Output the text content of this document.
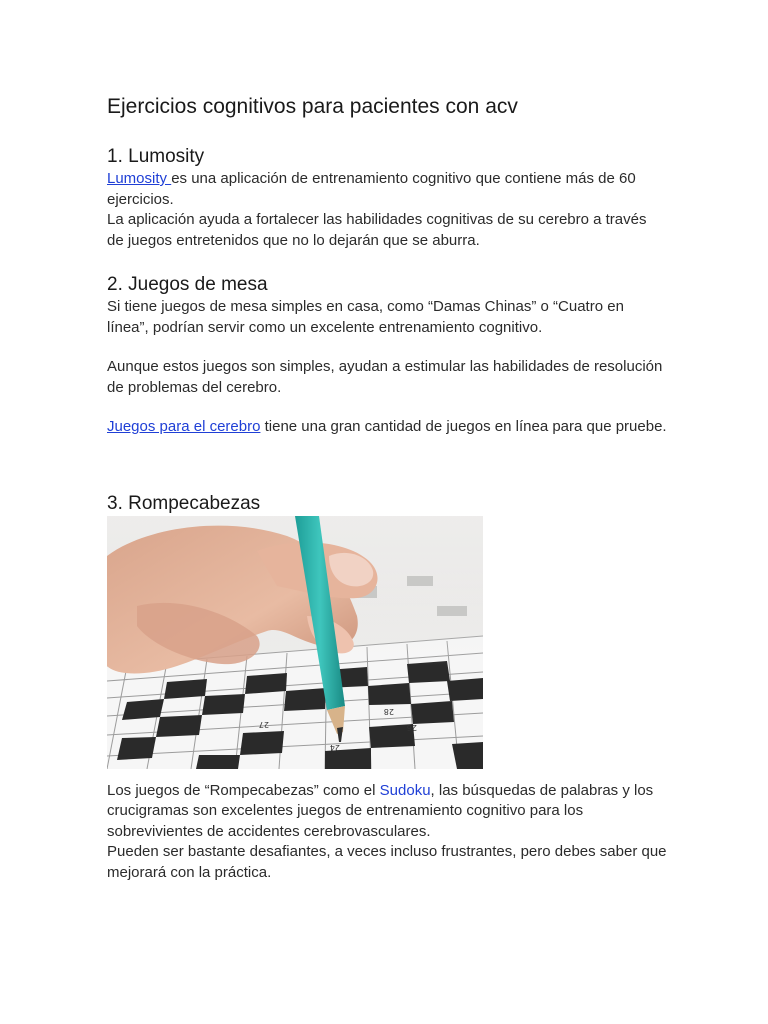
Ejercicios cognitivos para pacientes con acv
1. Lumosity

Lumosity es una aplicación de entrenamiento cognitivo que contiene más de 60 ejercicios.

La aplicación ayuda a fortalecer las habilidades cognitivas de su cerebro a través de juegos entretenidos que no lo dejarán que se aburra.

2. Juegos de mesa

Si tiene juegos de mesa simples en casa, como “Damas Chinas” o “Cuatro en línea”, podrían servir como un excelente entrenamiento cognitivo.

Aunque estos juegos son simples, ayudan a estimular las habilidades de resolución de problemas del cerebro.

Juegos para el cerebro tiene una gran cantidad de juegos en línea para que pruebe.

3. Rompecabezas
27
28
26
24

Los juegos de “Rompecabezas” como el Sudoku, las búsquedas de palabras y los crucigramas son excelentes juegos de entrenamiento cognitivo para los sobrevivientes de accidentes cerebrovasculares.

Pueden ser bastante desafiantes, a veces incluso frustrantes, pero debes saber que mejorará con la práctica.
